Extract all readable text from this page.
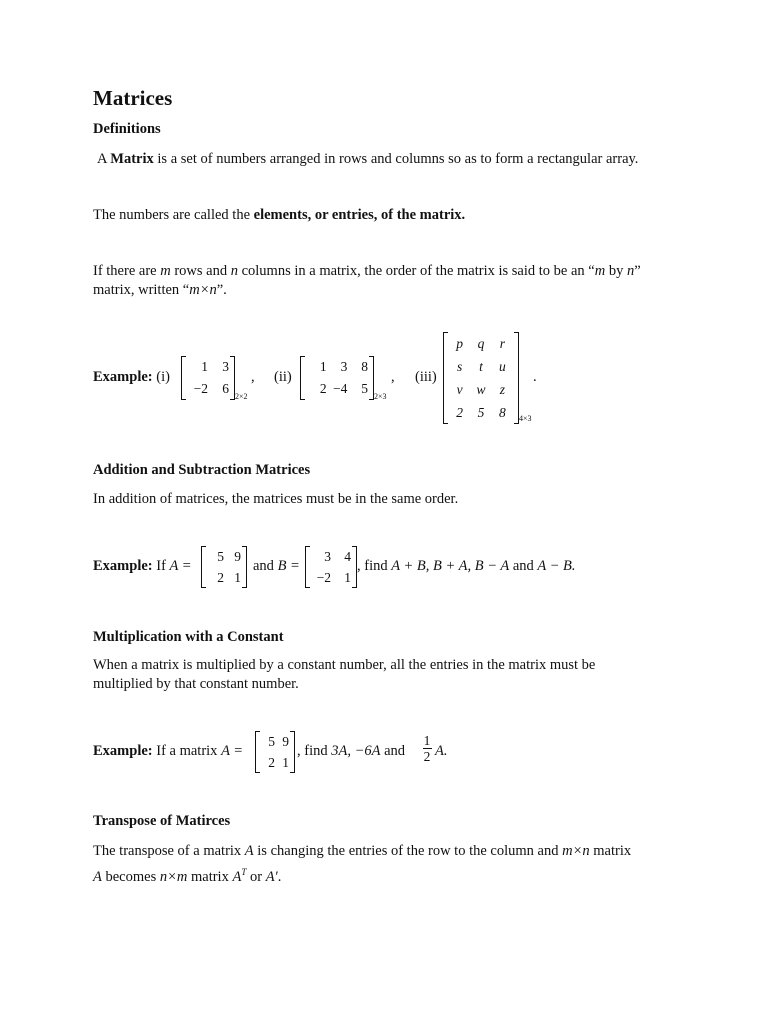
Matrices
Definitions
A Matrix is a set of numbers arranged in rows and columns so as to form a rectangular array.
The numbers are called the elements, or entries, of the matrix.
If there are m rows and n columns in a matrix, the order of the matrix is said to be an “m by n”
matrix, written “m×n”.
Example: (i)
1 3
−2 6
2×2
, (ii)
1 3 8
2 −4 5
2×3
, (iii)
p q r
s t u
v w z
2 5 8 4×3
.
Addition and Subtraction Matrices
In addition of matrices, the matrices must be in the same order.
Example: If A =
5 9
2 1
and B =
3 4
−2 1
, find A + B, B + A, B − A and A − B.
Multiplication with a Constant
When a matrix is multiplied by a constant number, all the entries in the matrix must be
multiplied by that constant number.
Example: If a matrix A =
5 9
2 1
, find 3A, −6A and
1
2 A.
Transpose of Matirces
The transpose of a matrix A is changing the entries of the row to the column and m×n matrix
A becomes n×m matrix $A^T$ or A′.
